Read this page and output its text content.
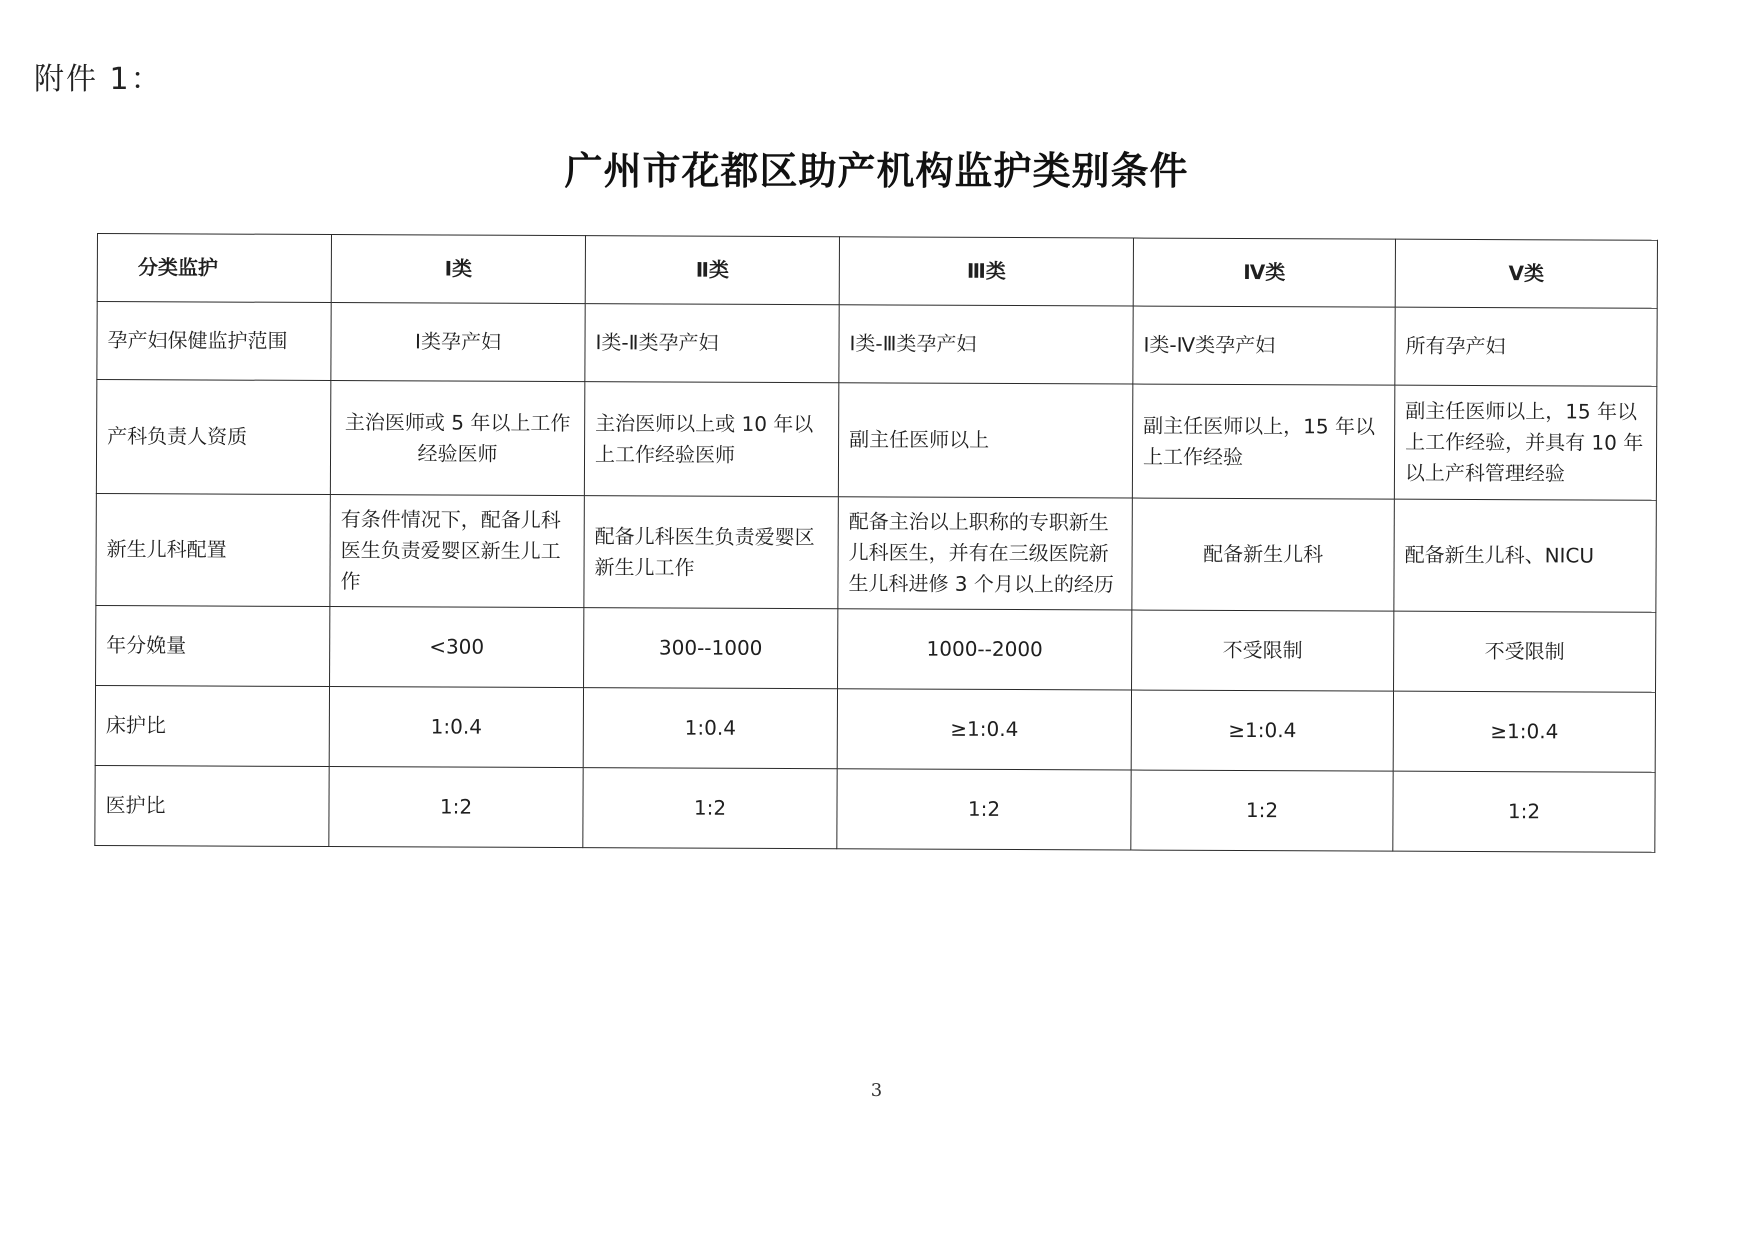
附件 1：
广州市花都区助产机构监护类别条件
分类监护	Ⅰ类	Ⅱ类	Ⅲ类	Ⅳ类	Ⅴ类
孕产妇保健监护范围	Ⅰ类孕产妇	Ⅰ类-Ⅱ类孕产妇	Ⅰ类-Ⅲ类孕产妇	Ⅰ类-Ⅳ类孕产妇	所有孕产妇
产科负责人资质	主治医师或 5 年以上工作经验医师	主治医师以上或 10 年以上工作经验医师	副主任医师以上	副主任医师以上，15 年以上工作经验	副主任医师以上，15 年以上工作经验，并具有 10 年以上产科管理经验
新生儿科配置	有条件情况下，配备儿科医生负责爱婴区新生儿工作	配备儿科医生负责爱婴区新生儿工作	配备主治以上职称的专职新生儿科医生，并有在三级医院新生儿科进修 3 个月以上的经历	配备新生儿科	配备新生儿科、NICU
年分娩量	<300	300--1000	1000--2000	不受限制	不受限制
床护比	1:0.4	1:0.4	≥1:0.4	≥1:0.4	≥1:0.4
医护比	1:2	1:2	1:2	1:2	1:2
3
